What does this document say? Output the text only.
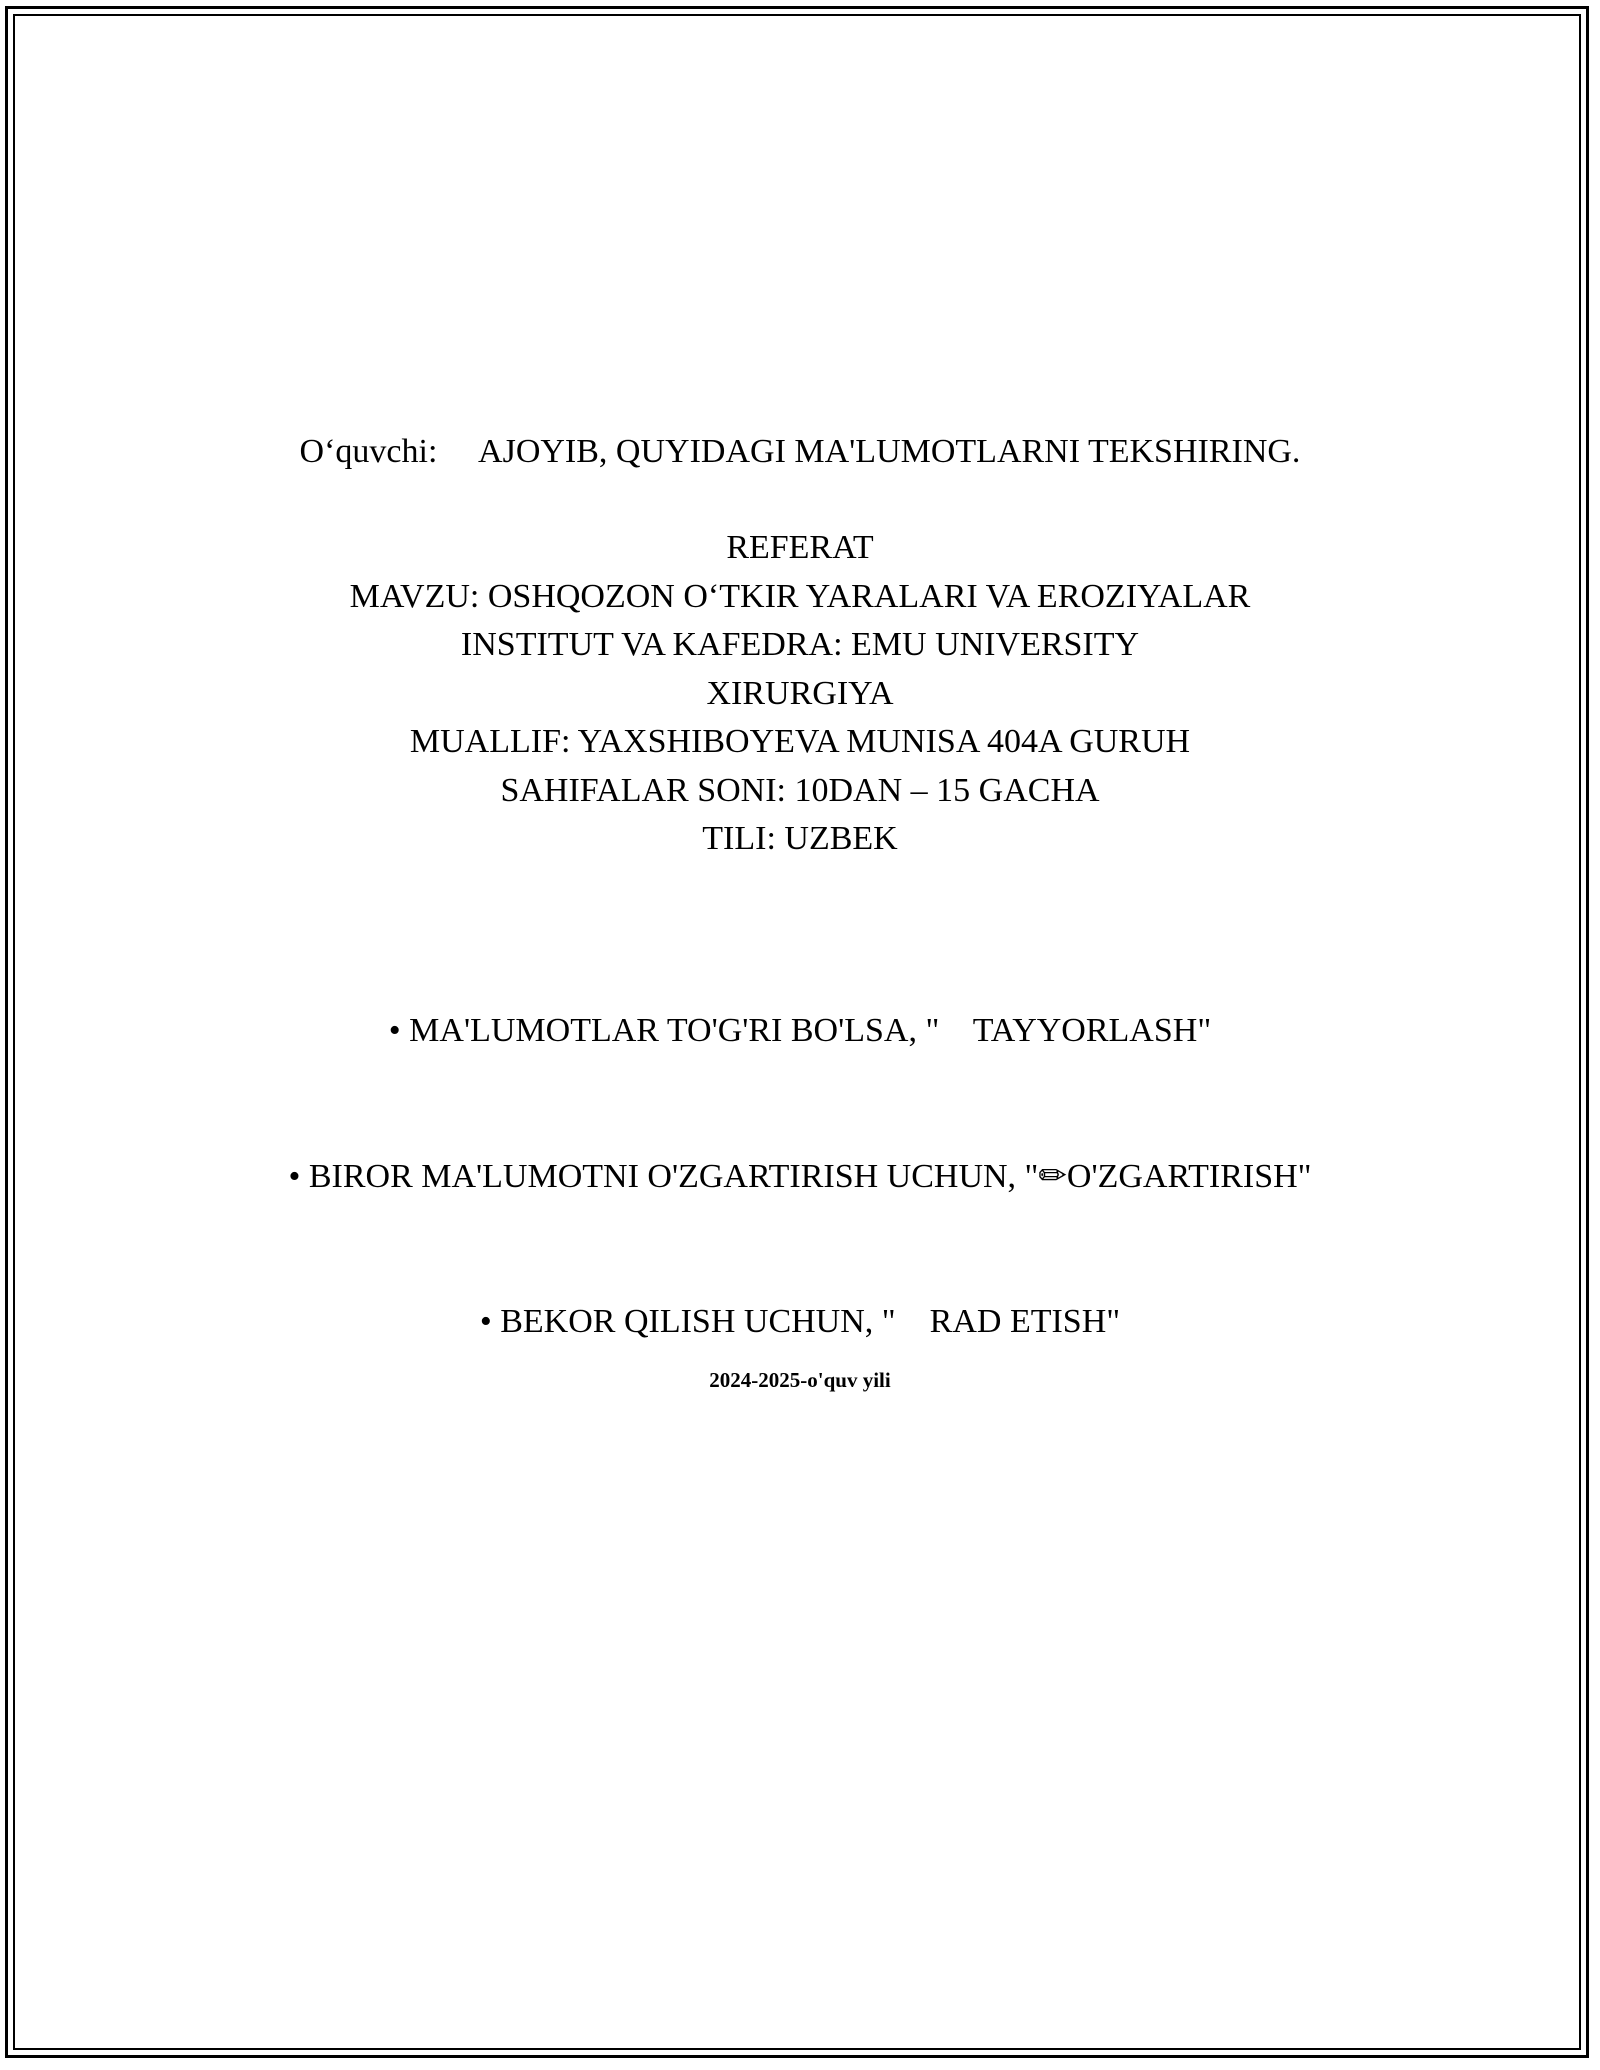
O‘quvchi: AJOYIB, QUYIDAGI MA'LUMOTLARNI TEKSHIRING.
REFERAT
MAVZU: OSHQOZON O‘TKIR YARALARI VA EROZIYALAR
INSTITUT VA KAFEDRA: EMU UNIVERSITY
XIRURGIYA
MUALLIF: YAXSHIBOYEVA MUNISA 404A GURUH
SAHIFALAR SONI: 10DAN – 15 GACHA
TILI: UZBEK

• MA'LUMOTLAR TO'G'RI BO'LSA, "    TAYYORLASH"

• BIROR MA'LUMOTNI O'ZGARTIRISH UCHUN, "✏O'ZGARTIRISH"

• BEKOR QILISH UCHUN, "    RAD ETISH"

2024-2025-o'quv yili
